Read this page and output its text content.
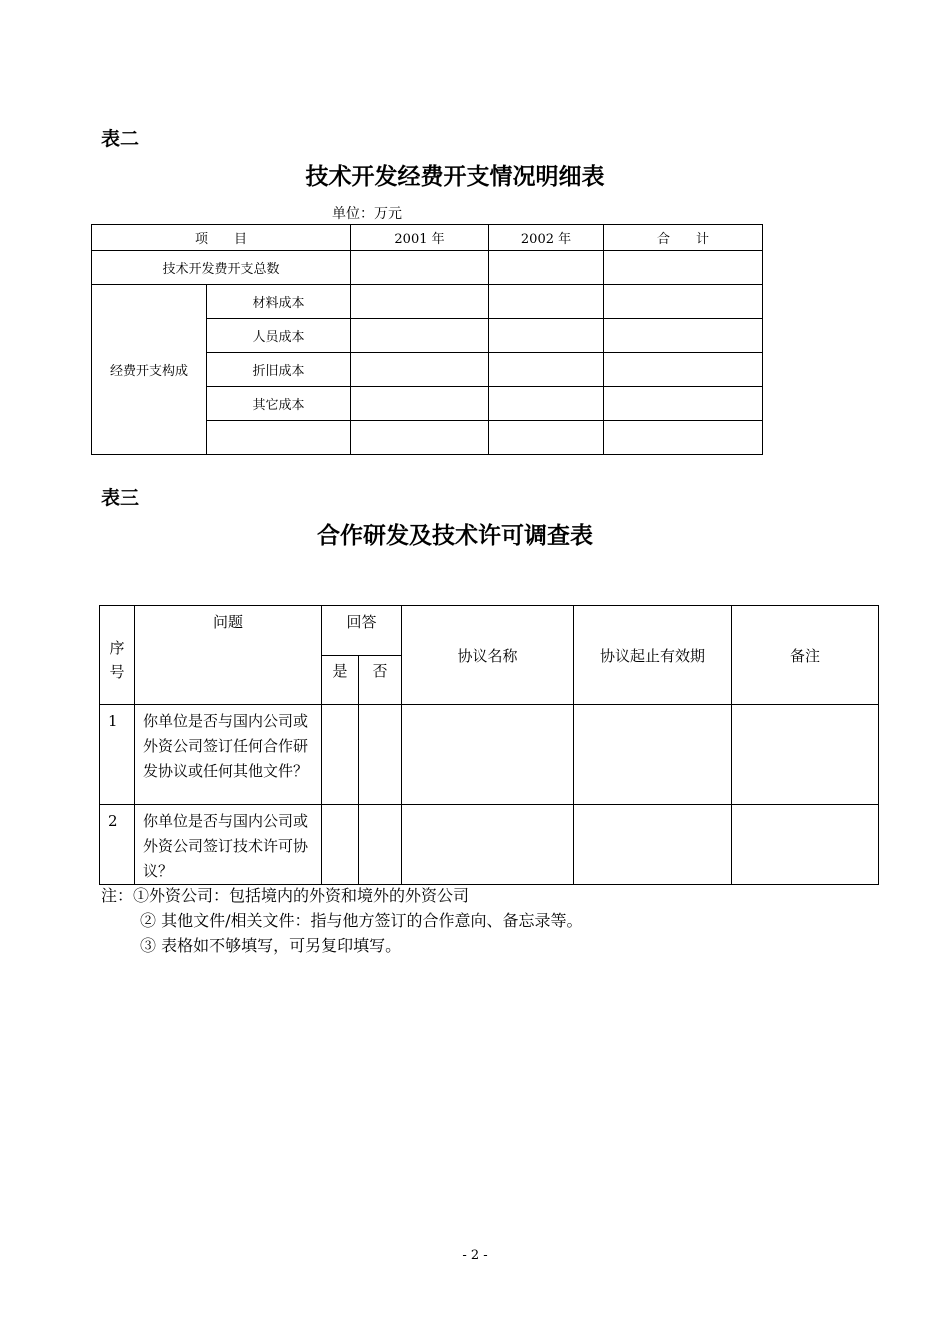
表二
技术开发经费开支情况明细表
单位：万元
项　　目		2001 年	2002 年	合　　计
技术开发费开支总数				
经费开支构成	材料成本			
	人员成本			
	折旧成本			
	其它成本			

表三
合作研发及技术许可调查表
序号	问题	回答		协议名称	协议起止有效期	备注
		是	否			
1	你单位是否与国内公司或外资公司签订任何合作研发协议或任何其他文件？					
2	你单位是否与国内公司或外资公司签订技术许可协议？					
注：①外资公司：包括境内的外资和境外的外资公司
② 其他文件/相关文件：指与他方签订的合作意向、备忘录等。
③ 表格如不够填写，可另复印填写。
- 2 -
